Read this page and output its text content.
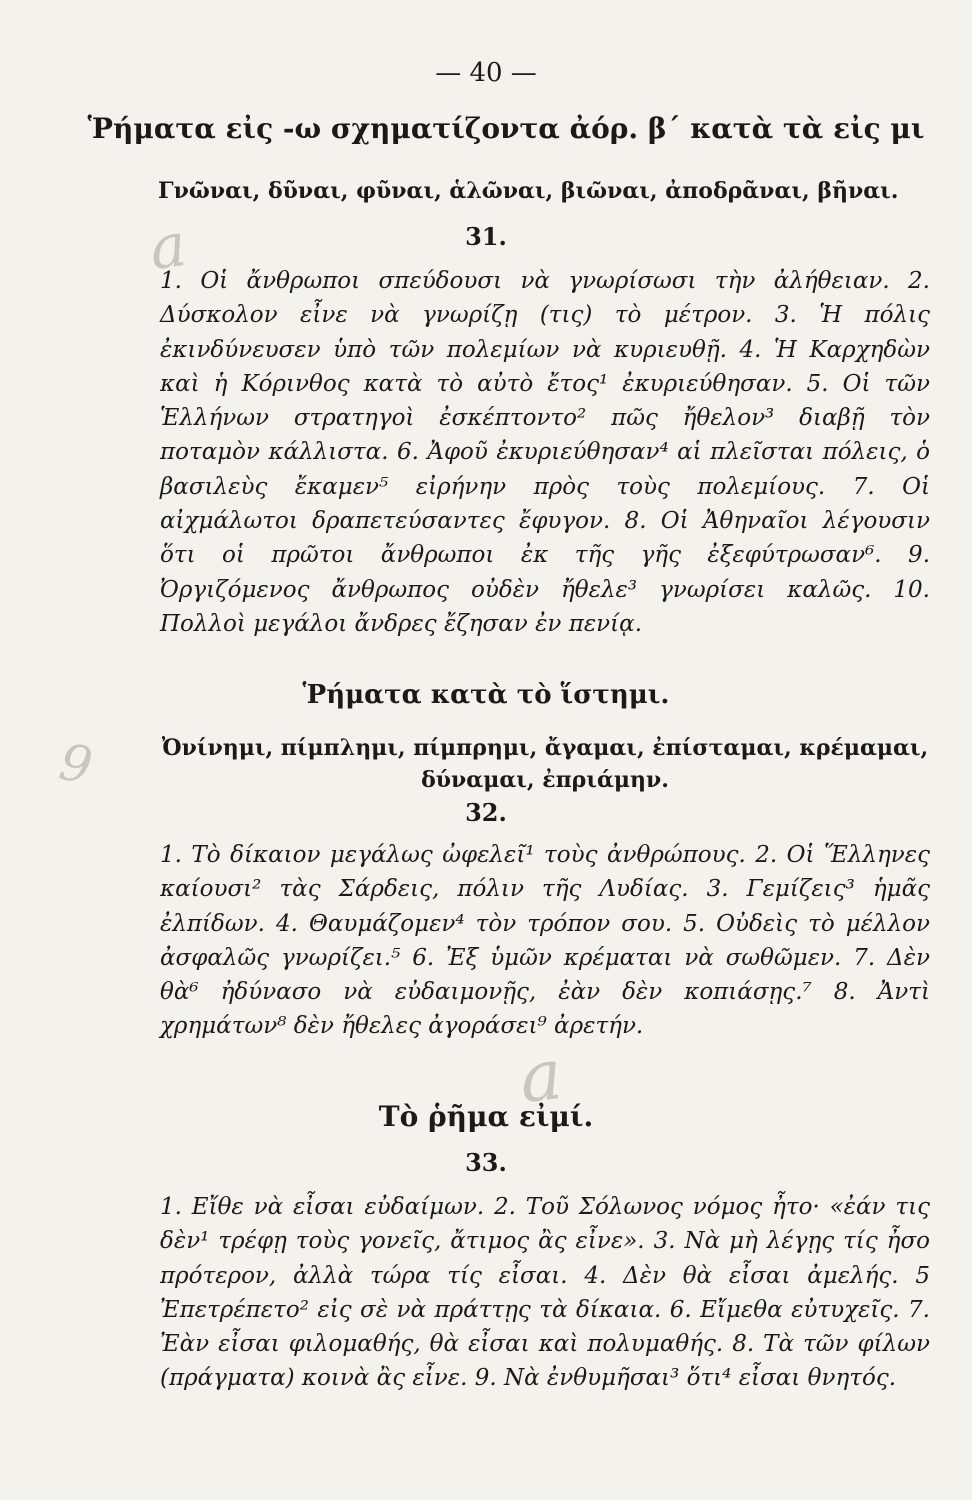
a
a
9
— 40 —
Ῥήματα εἰς -ω σχηματίζοντα ἀόρ. β΄ κατὰ τὰ εἰς μι
Γνῶναι, δῦναι, φῦναι, ἁλῶναι, βιῶναι, ἀποδρᾶναι, βῆναι.
31.
1. Οἱ ἄνθρωποι σπεύδουσι νὰ γνωρίσωσι τὴν ἀλήθειαν. 2. Δύσκολον εἶνε νὰ γνωρίζῃ (τις) τὸ μέτρον. 3. Ἡ πόλις ἐκινδύνευσεν ὑπὸ τῶν πολεμίων νὰ κυριευθῇ. 4. Ἡ Καρχηδὼν καὶ ἡ Κόρινθος κατὰ τὸ αὐτὸ ἔτος¹ ἐκυριεύθησαν. 5. Οἱ τῶν Ἑλλήνων στρατηγοὶ ἐσκέπτοντο² πῶς ἤθελον³ διαβῇ τὸν ποταμὸν κάλλιστα. 6. Ἀφοῦ ἐκυριεύθησαν⁴ αἱ πλεῖσται πόλεις, ὁ βασιλεὺς ἔκαμεν⁵ εἰρήνην πρὸς τοὺς πολεμίους. 7. Οἱ αἰχμάλωτοι δραπετεύσαντες ἔφυγον. 8. Οἱ Ἀθηναῖοι λέγουσιν ὅτι οἱ πρῶτοι ἄνθρωποι ἐκ τῆς γῆς ἐξεφύτρωσαν⁶. 9. Ὀργιζόμενος ἄνθρωπος οὐδὲν ἤθελε³ γνωρίσει καλῶς. 10. Πολλοὶ μεγάλοι ἄνδρες ἔζησαν ἐν πενίᾳ.
Ῥήματα κατὰ τὸ ἵστημι.
Ὀνίνημι, πίμπλημι, πίμπρημι, ἄγαμαι, ἐπίσταμαι, κρέμαμαι, δύναμαι, ἐπριάμην.
32.
1. Τὸ δίκαιον μεγάλως ὠφελεῖ¹ τοὺς ἀνθρώπους. 2. Οἱ Ἕλληνες καίουσι² τὰς Σάρδεις, πόλιν τῆς Λυδίας. 3. Γεμίζεις³ ἡμᾶς ἐλπίδων. 4. Θαυμάζομεν⁴ τὸν τρόπον σου. 5. Οὐδεὶς τὸ μέλλον ἀσφαλῶς γνωρίζει.⁵ 6. Ἐξ ὑμῶν κρέμαται νὰ σωθῶμεν. 7. Δὲν θὰ⁶ ἠδύνασο νὰ εὐδαιμονῇς, ἐὰν δὲν κοπιάσῃς.⁷ 8. Ἀντὶ χρημάτων⁸ δὲν ἤθελες ἀγοράσει⁹ ἀρετήν.
Τὸ ῥῆμα εἰμί.
33.
1. Εἴθε νὰ εἶσαι εὐδαίμων. 2. Τοῦ Σόλωνος νόμος ἦτο· «ἐάν τις δὲν¹ τρέφῃ τοὺς γονεῖς, ἄτιμος ἂς εἶνε». 3. Νὰ μὴ λέγῃς τίς ἦσο πρότερον, ἀλλὰ τώρα τίς εἶσαι. 4. Δὲν θὰ εἶσαι ἀμελής. 5 Ἐπετρέπετο² εἰς σὲ νὰ πράττῃς τὰ δίκαια. 6. Εἴμεθα εὐτυχεῖς. 7. Ἐὰν εἶσαι φιλομαθής, θὰ εἶσαι καὶ πολυμαθής. 8. Τὰ τῶν φίλων (πράγματα) κοινὰ ἂς εἶνε. 9. Νὰ ἐνθυμῆσαι³ ὅτι⁴ εἶσαι θνητός.
